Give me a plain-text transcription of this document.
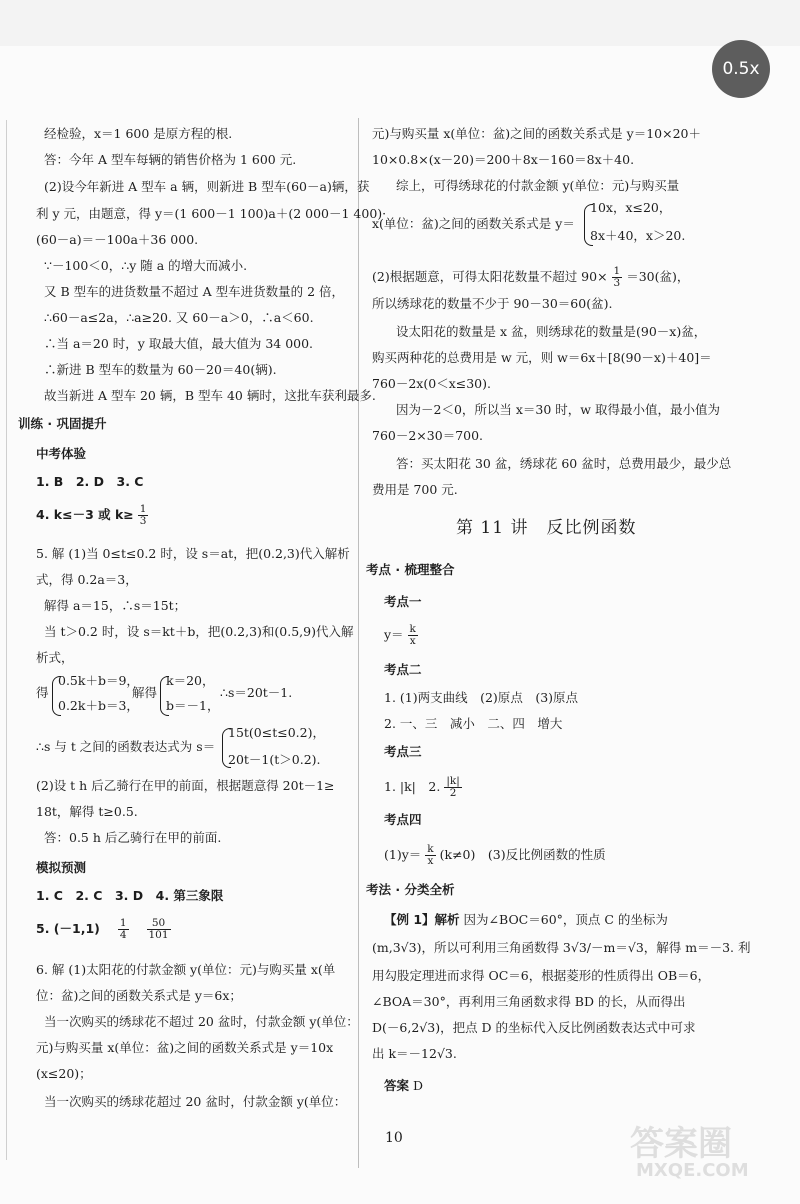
0.5x
经检验，x＝1 600 是原方程的根.
答：今年 A 型车每辆的销售价格为 1 600 元.
(2)设今年新进 A 型车 a 辆，则新进 B 型车(60－a)辆，获
利 y 元，由题意，得 y＝(1 600－1 100)a＋(2 000－1 400)·
(60－a)＝－100a＋36 000.
∵－100＜0，∴y 随 a 的增大而减小.
又 B 型车的进货数量不超过 A 型车进货数量的 2 倍，
∴60－a≤2a，∴a≥20. 又 60－a＞0，∴a＜60.
∴当 a＝20 时，y 取最大值，最大值为 34 000.
∴新进 B 型车的数量为 60－20＝40(辆).
故当新进 A 型车 20 辆，B 型车 40 辆时，这批车获利最多.
训练 · 巩固提升
中考体验
1. B　2. D　3. C
4. k≤－3 或 $k\ge \frac{1}{3}$
5. 解 (1)当 0≤t≤0.2 时，设 s＝at，把(0.2,3)代入解析
式，得 0.2a＝3，
解得 a＝15，∴s＝15t；
当 t＞0.2 时，设 s＝kt＋b，把(0.2,3)和(0.5,9)代入解
析式，
得
0.5k＋b＝9，
0.2k＋b＝3，
解得
k＝20，
b＝－1，
∴s＝20t－1.
∴s 与 t 之间的函数表达式为 s＝
15t(0≤t≤0.2)，
20t－1(t＞0.2).
(2)设 t h 后乙骑行在甲的前面，根据题意得 20t－1≥
18t，解得 t≥0.5.
答：0.5 h 后乙骑行在甲的前面.
模拟预测
1. C　2. C　3. D　4. 第三象限
5. $(-1,1) \frac{1}{4}$
$\frac{50}{101}$
6. 解 (1)太阳花的付款金额 y(单位：元)与购买量 x(单
位：盆)之间的函数关系式是 y＝6x；
当一次购买的绣球花不超过 20 盆时，付款金额 y(单位：
元)与购买量 x(单位：盆)之间的函数关系式是 y＝10x
(x≤20)；
当一次购买的绣球花超过 20 盆时，付款金额 y(单位：
元)与购买量 x(单位：盆)之间的函数关系式是 y＝10×20＋
10×0.8×(x－20)＝200＋8x－160＝8x＋40.
综上，可得绣球花的付款金额 y(单位：元)与购买量
x(单位：盆)之间的函数关系式是 y＝
10x，x≤20，
8x＋40，x＞20.
(2)根据题意，可得太阳花数量不超过 $90\times \frac{1}{3} =30$(盆)，
所以绣球花的数量不少于 90－30＝60(盆).
设太阳花的数量是 x 盆，则绣球花的数量是(90－x)盆，
购买两种花的总费用是 w 元，则 w＝6x＋[8(90－x)＋40]＝
760－2x(0＜x≤30).
因为－2＜0，所以当 x＝30 时，w 取得最小值，最小值为
760－2×30＝700.
答：买太阳花 30 盆，绣球花 60 盆时，总费用最少，最少总
费用是 700 元.
第 11 讲　反比例函数
考点 · 梳理整合
考点一
$y= \frac{k}{x}$
考点二
1. (1)两支曲线　(2)原点　(3)原点
2. 一、三　减小　二、四　增大
考点三
1. |k|　2. $\frac{|k|}{2}$
考点四
$(1)y= \frac{k}{x} (k\ne 0)$　(3)反比例函数的性质
考法 · 分类全析
【例 1】解析 因为∠BOC＝60°，顶点 C 的坐标为
(m,3√3)，所以可利用三角函数得 3√3/－m＝√3，解得 m＝－3. 利
用勾股定理进而求得 OC＝6，根据菱形的性质得出 OB＝6，
∠BOA＝30°，再利用三角函数求得 BD 的长，从而得出
D(－6,2√3)，把点 D 的坐标代入反比例函数表达式中可求
出 k＝－12√3.
答案 D
10	答案圈
MXQE.COM
